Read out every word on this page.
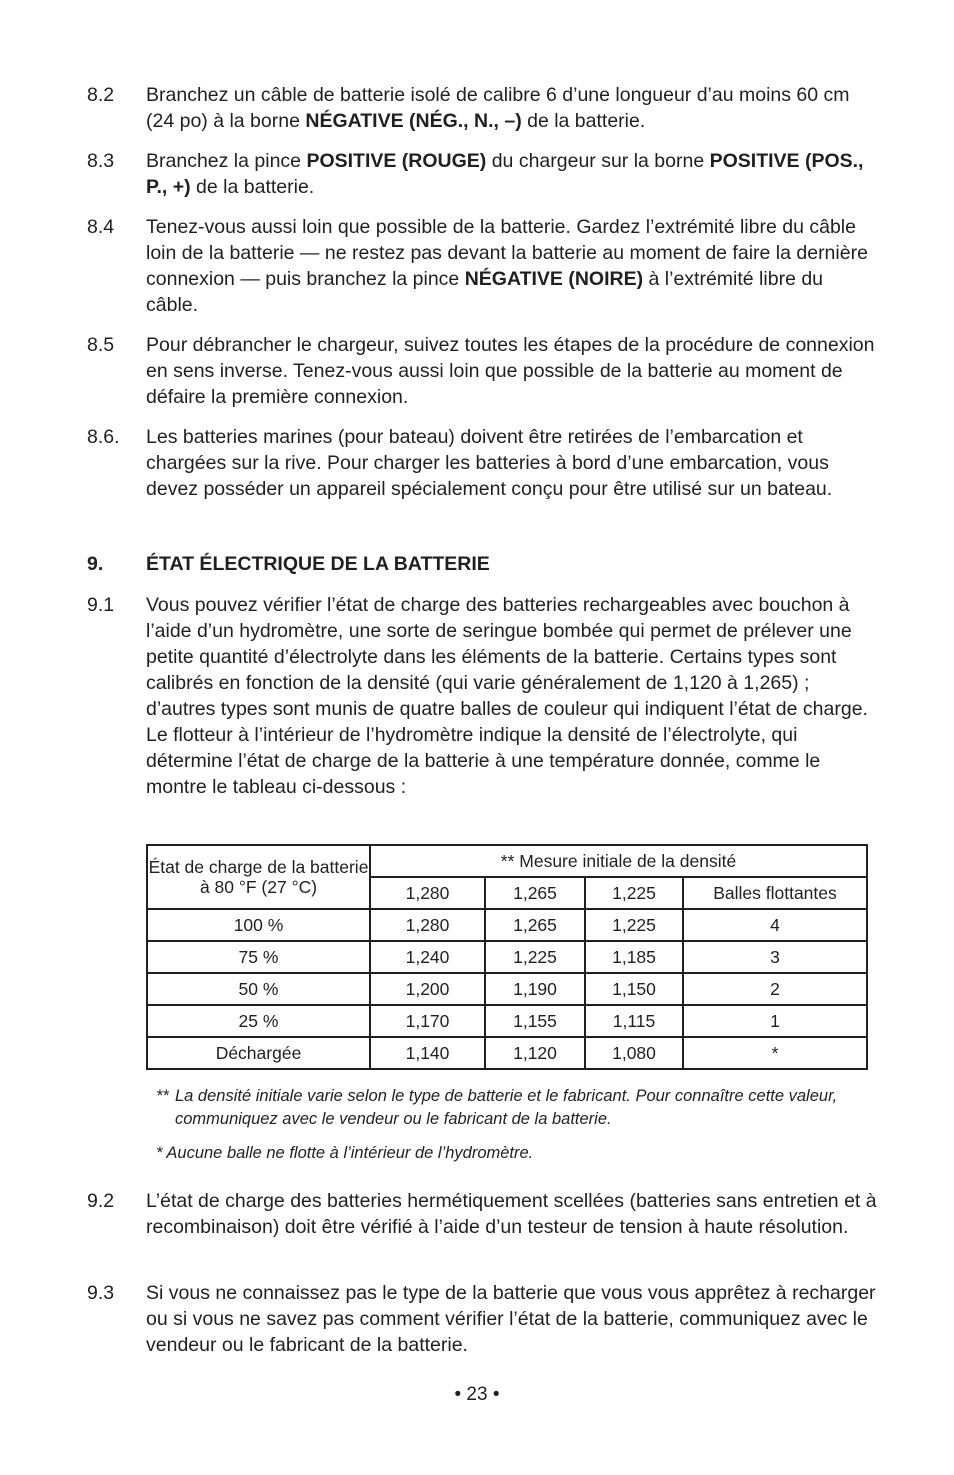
8.2 Branchez un câble de batterie isolé de calibre 6 d’une longueur d’au moins 60 cm (24 po) à la borne NÉGATIVE (NÉG., N., –) de la batterie.
8.3 Branchez la pince POSITIVE (ROUGE) du chargeur sur la borne POSITIVE (POS., P., +) de la batterie.
8.4 Tenez-vous aussi loin que possible de la batterie. Gardez l’extrémité libre du câble loin de la batterie — ne restez pas devant la batterie au moment de faire la dernière connexion — puis branchez la pince NÉGATIVE (NOIRE) à l’extrémité libre du câble.
8.5 Pour débrancher le chargeur, suivez toutes les étapes de la procédure de connexion en sens inverse. Tenez-vous aussi loin que possible de la batterie au moment de défaire la première connexion.
8.6. Les batteries marines (pour bateau) doivent être retirées de l’embarcation et chargées sur la rive. Pour charger les batteries à bord d’une embarcation, vous devez posséder un appareil spécialement conçu pour être utilisé sur un bateau.
9. ÉTAT ÉLECTRIQUE DE LA BATTERIE
9.1 Vous pouvez vérifier l’état de charge des batteries rechargeables avec bouchon à l’aide d’un hydromètre, une sorte de seringue bombée qui permet de prélever une petite quantité d’électrolyte dans les éléments de la batterie. Certains types sont calibrés en fonction de la densité (qui varie généralement de 1,120 à 1,265) ; d’autres types sont munis de quatre balles de couleur qui indiquent l’état de charge. Le flotteur à l’intérieur de l’hydromètre indique la densité de l’électrolyte, qui détermine l’état de charge de la batterie à une température donnée, comme le montre le tableau ci-dessous :
État de charge de la batterie à 80 °F (27 °C)	** Mesure initiale de la densité			
	1,280	1,265	1,225	Balles flottantes
100 %	1,280	1,265	1,225	4
75 %	1,240	1,225	1,185	3
50 %	1,200	1,190	1,150	2
25 %	1,170	1,155	1,115	1
Déchargée	1,140	1,120	1,080	*
** La densité initiale varie selon le type de batterie et le fabricant. Pour connaître cette valeur, communiquez avec le vendeur ou le fabricant de la batterie.
* Aucune balle ne flotte à l’intérieur de l’hydromètre.
9.2 L’état de charge des batteries hermétiquement scellées (batteries sans entretien et à recombinaison) doit être vérifié à l’aide d’un testeur de tension à haute résolution.
9.3 Si vous ne connaissez pas le type de la batterie que vous vous apprêtez à recharger ou si vous ne savez pas comment vérifier l’état de la batterie, communiquez avec le vendeur ou le fabricant de la batterie.
• 23 •
